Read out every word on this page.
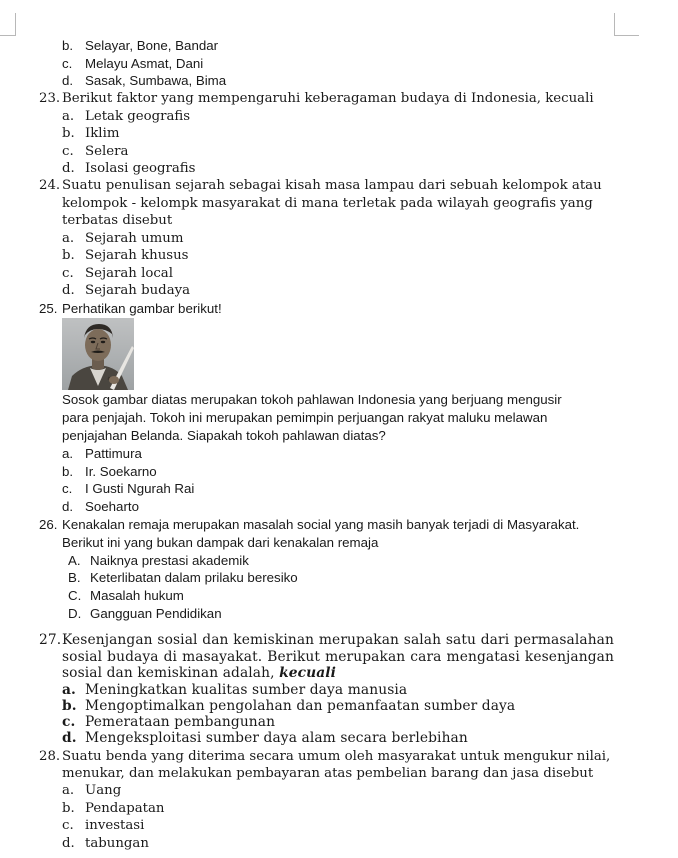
b. Selayar, Bone, Bandar
c. Melayu Asmat, Dani
d. Sasak, Sumbawa, Bima
23. Berikut faktor yang mempengaruhi keberagaman budaya di Indonesia, kecuali
a. Letak geografis
b. Iklim
c. Selera
d. Isolasi geografis
24. Suatu penulisan sejarah sebagai kisah masa lampau dari sebuah kelompok atau
kelompok - kelompk masyarakat di mana terletak pada wilayah geografis yang
terbatas disebut
a. Sejarah umum
b. Sejarah khusus
c. Sejarah local
d. Sejarah budaya
25. Perhatikan gambar berikut!
Sosok gambar diatas merupakan tokoh pahlawan Indonesia yang berjuang mengusir
para penjajah. Tokoh ini merupakan pemimpin perjuangan rakyat maluku melawan
penjajahan Belanda. Siapakah tokoh pahlawan diatas?
a. Pattimura
b. Ir. Soekarno
c. I Gusti Ngurah Rai
d. Soeharto
26. Kenakalan remaja merupakan masalah social yang masih banyak terjadi di Masyarakat.
Berikut ini yang bukan dampak dari kenakalan remaja
A. Naiknya prestasi akademik
B. Keterlibatan dalam prilaku beresiko
C. Masalah hukum
D. Gangguan Pendidikan
27. Kesenjangan sosial dan kemiskinan merupakan salah satu dari permasalahan
sosial budaya di masayakat. Berikut merupakan cara mengatasi kesenjangan
sosial dan kemiskinan adalah, kecuali
a. Meningkatkan kualitas sumber daya manusia
b. Mengoptimalkan pengolahan dan pemanfaatan sumber daya
c. Pemerataan pembangunan
d. Mengeksploitasi sumber daya alam secara berlebihan
28. Suatu benda yang diterima secara umum oleh masyarakat untuk mengukur nilai,
menukar, dan melakukan pembayaran atas pembelian barang dan jasa disebut
a. Uang
b. Pendapatan
c. investasi
d. tabungan
